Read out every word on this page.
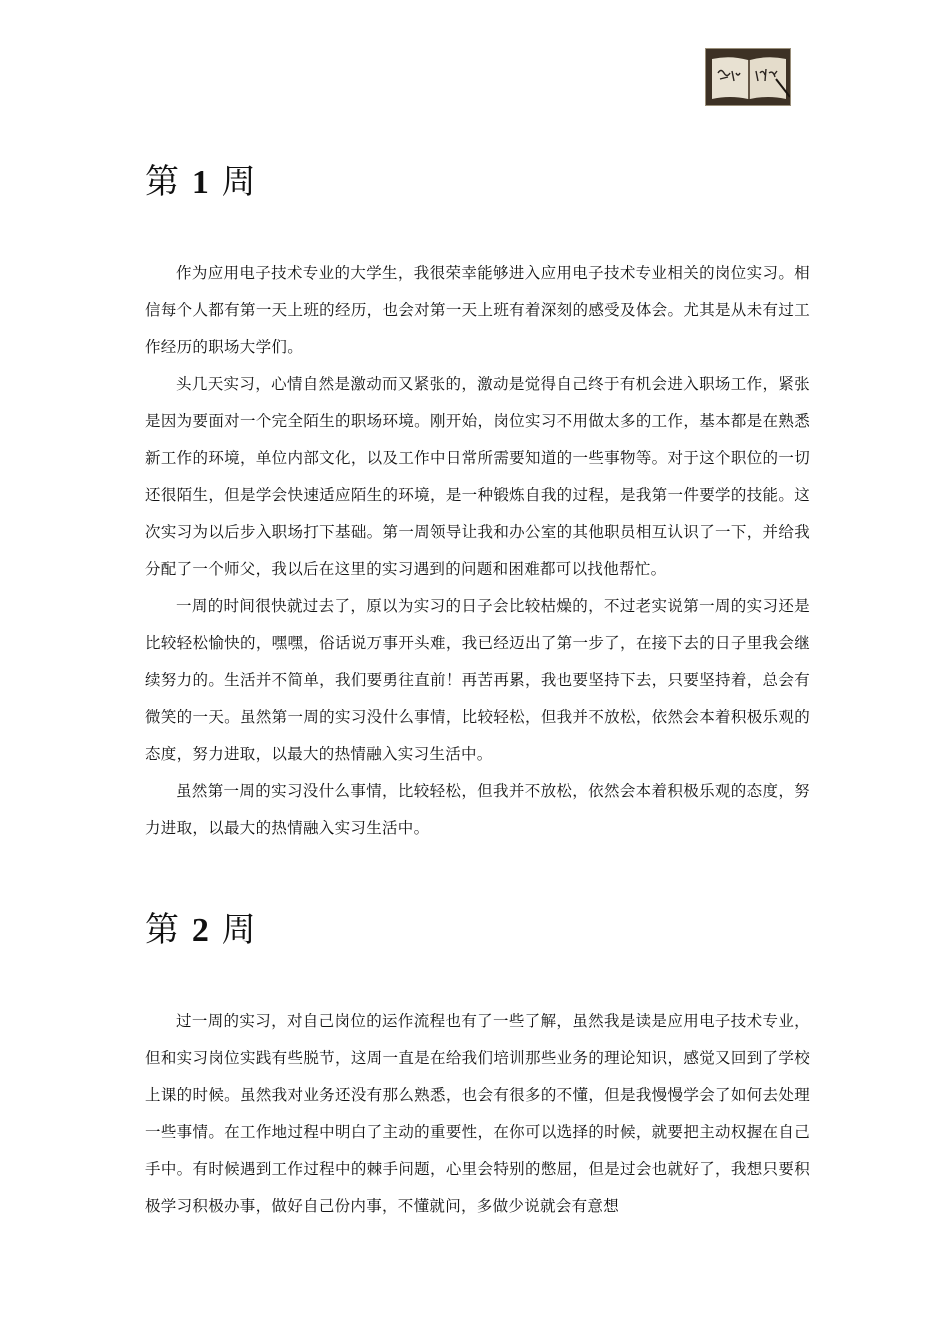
第 1 周

作为应用电子技术专业的大学生，我很荣幸能够进入应用电子技术专业相关的岗位实习。相信每个人都有第一天上班的经历，也会对第一天上班有着深刻的感受及体会。尤其是从未有过工作经历的职场大学们。

头几天实习，心情自然是激动而又紧张的，激动是觉得自己终于有机会进入职场工作，紧张是因为要面对一个完全陌生的职场环境。刚开始，岗位实习不用做太多的工作，基本都是在熟悉新工作的环境，单位内部文化，以及工作中日常所需要知道的一些事物等。对于这个职位的一切还很陌生，但是学会快速适应陌生的环境，是一种锻炼自我的过程，是我第一件要学的技能。这次实习为以后步入职场打下基础。第一周领导让我和办公室的其他职员相互认识了一下，并给我分配了一个师父，我以后在这里的实习遇到的问题和困难都可以找他帮忙。

一周的时间很快就过去了，原以为实习的日子会比较枯燥的，不过老实说第一周的实习还是比较轻松愉快的，嘿嘿，俗话说万事开头难，我已经迈出了第一步了，在接下去的日子里我会继续努力的。生活并不简单，我们要勇往直前！再苦再累，我也要坚持下去，只要坚持着，总会有微笑的一天。虽然第一周的实习没什么事情，比较轻松，但我并不放松，依然会本着积极乐观的态度，努力进取，以最大的热情融入实习生活中。

虽然第一周的实习没什么事情，比较轻松，但我并不放松，依然会本着积极乐观的态度，努力进取，以最大的热情融入实习生活中。

第 2 周

过一周的实习，对自己岗位的运作流程也有了一些了解，虽然我是读是应用电子技术专业，但和实习岗位实践有些脱节，这周一直是在给我们培训那些业务的理论知识，感觉又回到了学校上课的时候。虽然我对业务还没有那么熟悉，也会有很多的不懂，但是我慢慢学会了如何去处理一些事情。在工作地过程中明白了主动的重要性，在你可以选择的时候，就要把主动权握在自己手中。有时候遇到工作过程中的棘手问题，心里会特别的憋屈，但是过会也就好了，我想只要积极学习积极办事，做好自己份内事，不懂就问，多做少说就会有意想
